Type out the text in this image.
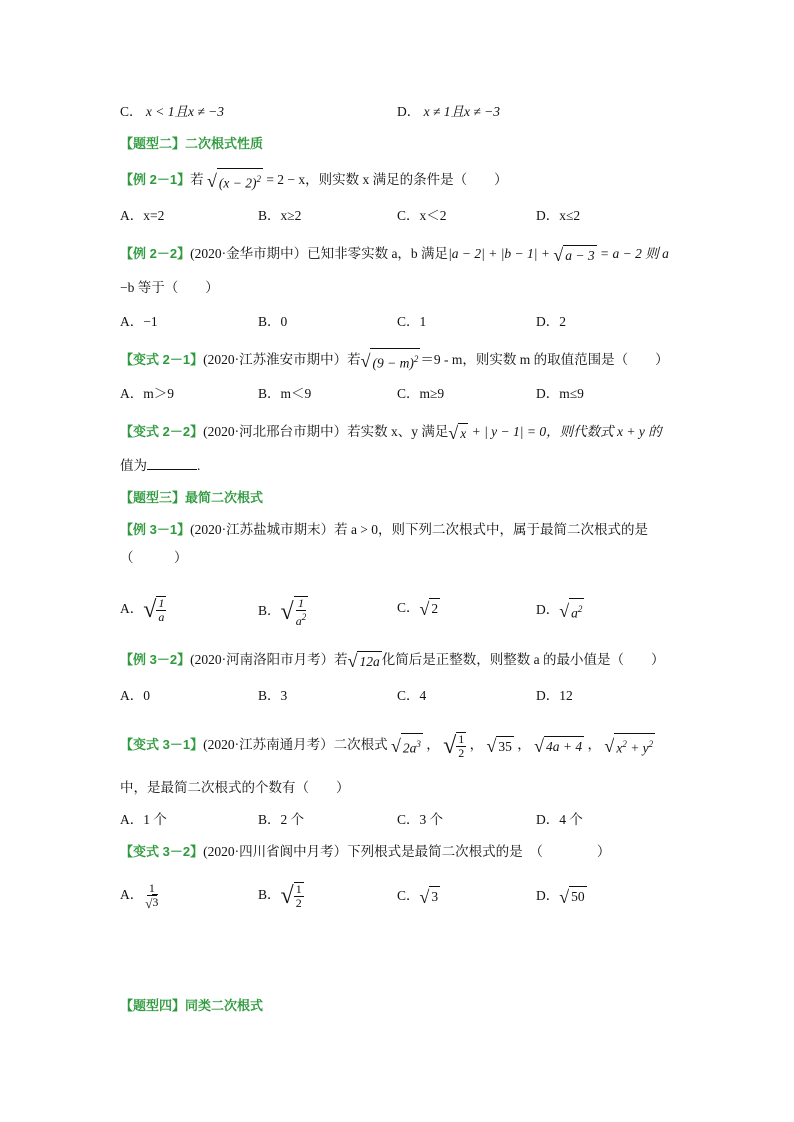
C． x < 1且x ≠ −3	D． x ≠ 1且x ≠ −3
【题型二】二次根式性质
【例 2－1】若 √ $(x - 2)^2 = 2 - x$，则实数 x 满足的条件是（　　）
A．x=2	B．x≥2	C．x＜2	D．x≤2
【例 2－2】(2020·金华市期中）已知非零实数 a，b 满足|a − 2| + |b − 1| + √ a − 3 = a − 2 则 a
−b 等于（　　）
A．−1	B．0	C．1	D．2
【变式 2－1】(2020·江苏淮安市期中）若√ $(9 - m)^2 =9 - m$，则实数 m 的取值范围是（　　）
A．m＞9	B．m＜9	C．m≥9	D．m≤9
【变式 2－2】(2020·河北邢台市期中）若实数 x、y 满足√ x + | y − 1| = 0，则代数式 x + y 的
值为	.
【题型三】最简二次根式
【例 3－1】(2020·江苏盐城市期末）若 a > 0，则下列二次根式中，属于最简二次根式的是
（　　　）
A．√ $\frac{1}{a}$	B．√ $\frac{1}{a^2}$	C．√ 2	D．√ $a^2$
【例 3－2】(2020·河南洛阳市月考）若√ 12a 化简后是正整数，则整数 a 的最小值是（　　）
A．0	B．3	C．4	D．12
【变式 3－1】(2020·江苏南通月考）二次根式 √ $2a^3$ ， √ $\frac{1}{2}$ ， √ 35 ， √ 4a + 4 ， √ $x^2 + y^2$
中，是最简二次根式的个数有（　　）
A．1 个	B．2 个	C．3 个	D．4 个
【变式 3－2】(2020·四川省阆中月考）下列根式是最简二次根式的是　（　　　　）
A． $\frac{1}{√3}$	B．√ $\frac{1}{2}$	C．√ 3	D．√ 50
【题型四】同类二次根式
